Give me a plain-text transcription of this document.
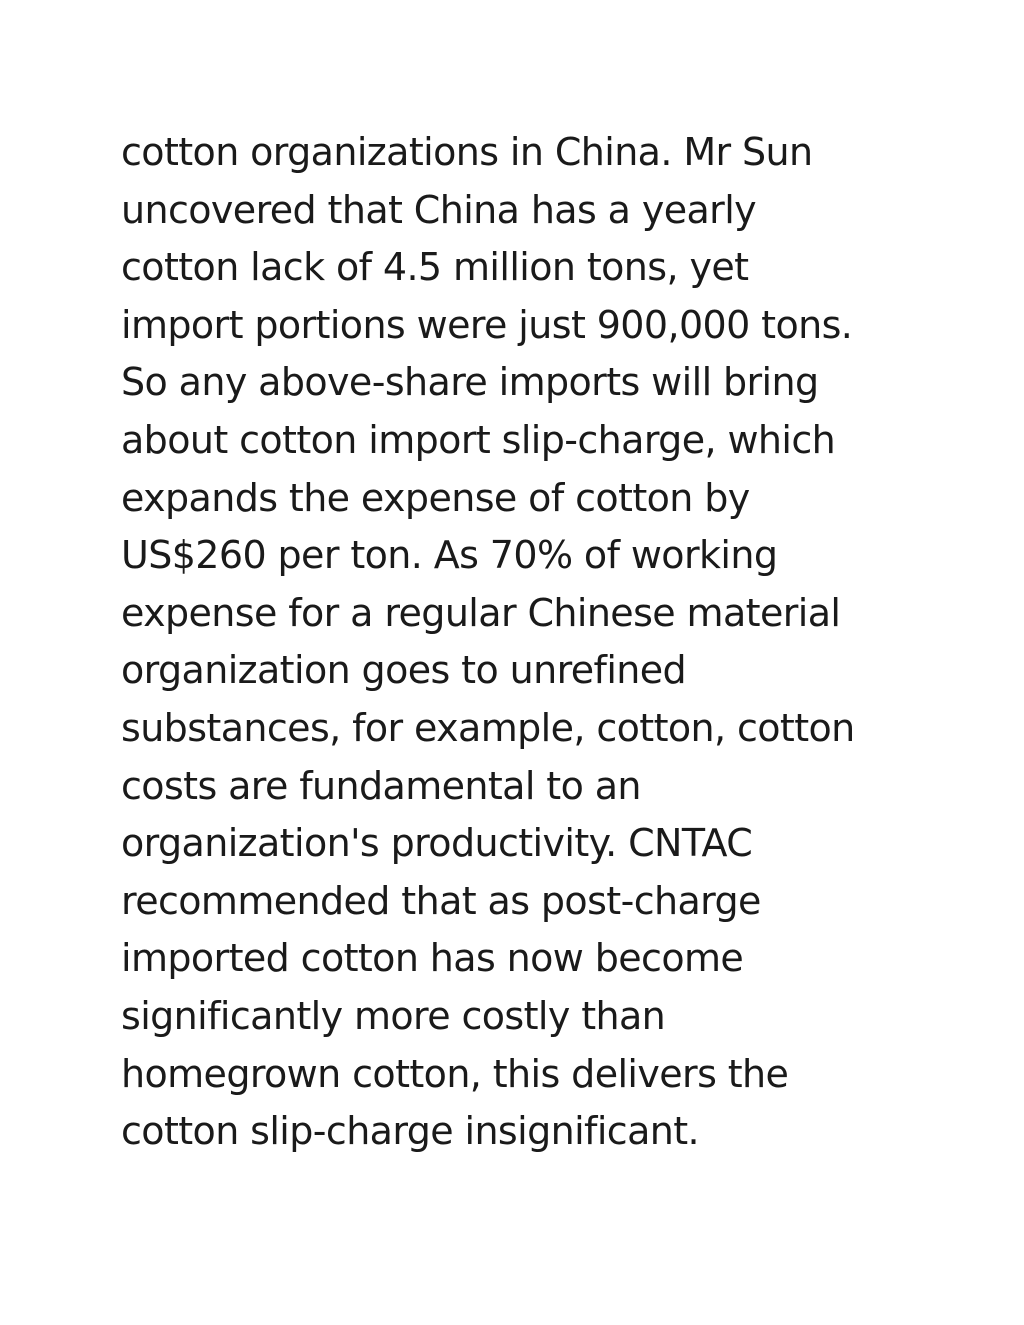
cotton organizations in China. Mr Sun
uncovered that China has a yearly
cotton lack of 4.5 million tons, yet
import portions were just 900,000 tons.
So any above-share imports will bring
about cotton import slip-charge, which
expands the expense of cotton by
US$260 per ton. As 70% of working
expense for a regular Chinese material
organization goes to unrefined
substances, for example, cotton, cotton
costs are fundamental to an
organization's productivity. CNTAC
recommended that as post-charge
imported cotton has now become
significantly more costly than
homegrown cotton, this delivers the
cotton slip-charge insignificant.
